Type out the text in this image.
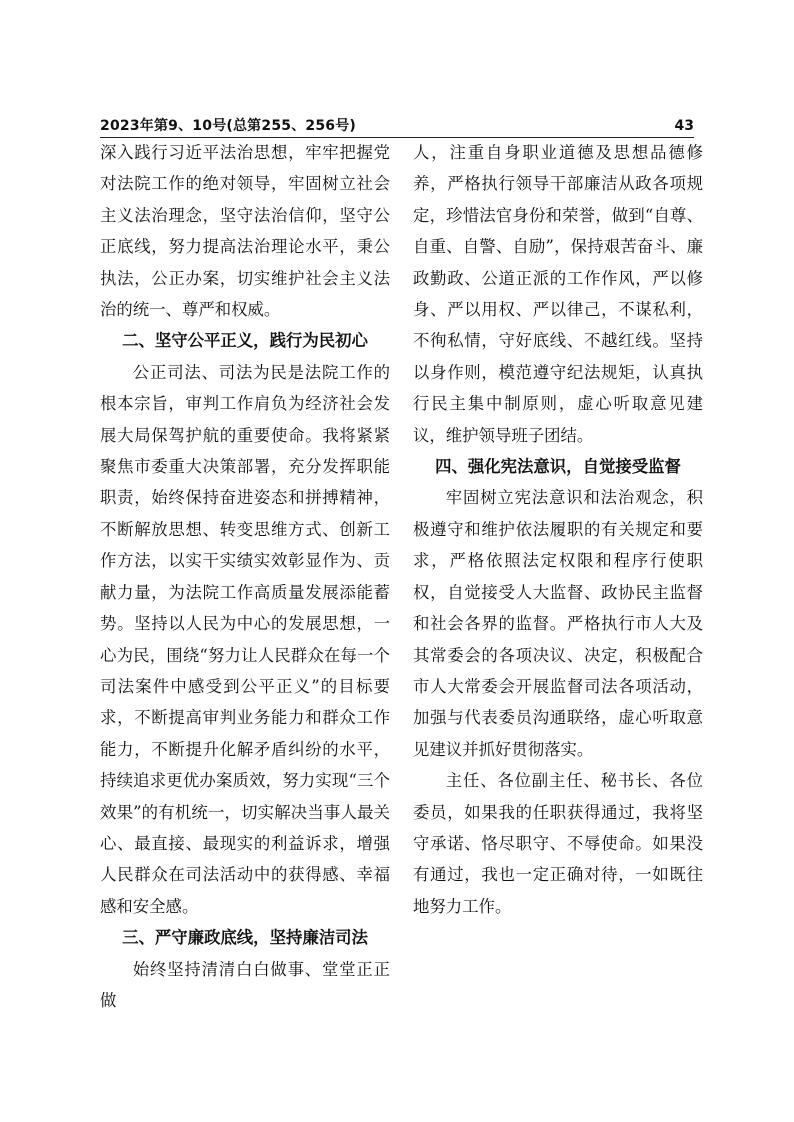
2023年第9、10号(总第255、256号)	43

深入践行习近平法治思想，牢牢把握党对法院工作的绝对领导，牢固树立社会主义法治理念，坚守法治信仰，坚守公正底线，努力提高法治理论水平，秉公执法，公正办案，切实维护社会主义法治的统一、尊严和权威。

二、坚守公平正义，践行为民初心

公正司法、司法为民是法院工作的根本宗旨，审判工作肩负为经济社会发展大局保驾护航的重要使命。我将紧紧聚焦市委重大决策部署，充分发挥职能职责，始终保持奋进姿态和拼搏精神，不断解放思想、转变思维方式、创新工作方法，以实干实绩实效彰显作为、贡献力量，为法院工作高质量发展添能蓄势。坚持以人民为中心的发展思想，一心为民，围绕“努力让人民群众在每一个司法案件中感受到公平正义”的目标要求，不断提高审判业务能力和群众工作能力，不断提升化解矛盾纠纷的水平，持续追求更优办案质效，努力实现“三个效果”的有机统一，切实解决当事人最关心、最直接、最现实的利益诉求，增强人民群众在司法活动中的获得感、幸福感和安全感。

三、严守廉政底线，坚持廉洁司法

始终坚持清清白白做事、堂堂正正做

人，注重自身职业道德及思想品德修养，严格执行领导干部廉洁从政各项规定，珍惜法官身份和荣誉，做到“自尊、自重、自警、自励”，保持艰苦奋斗、廉政勤政、公道正派的工作作风，严以修身、严以用权、严以律己，不谋私利，不徇私情，守好底线、不越红线。坚持以身作则，模范遵守纪法规矩，认真执行民主集中制原则，虚心听取意见建议，维护领导班子团结。

四、强化宪法意识，自觉接受监督

牢固树立宪法意识和法治观念，积极遵守和维护依法履职的有关规定和要求，严格依照法定权限和程序行使职权，自觉接受人大监督、政协民主监督和社会各界的监督。严格执行市人大及其常委会的各项决议、决定，积极配合市人大常委会开展监督司法各项活动，加强与代表委员沟通联络，虚心听取意见建议并抓好贯彻落实。

主任、各位副主任、秘书长、各位委员，如果我的任职获得通过，我将坚守承诺、恪尽职守、不辱使命。如果没有通过，我也一定正确对待，一如既往地努力工作。
